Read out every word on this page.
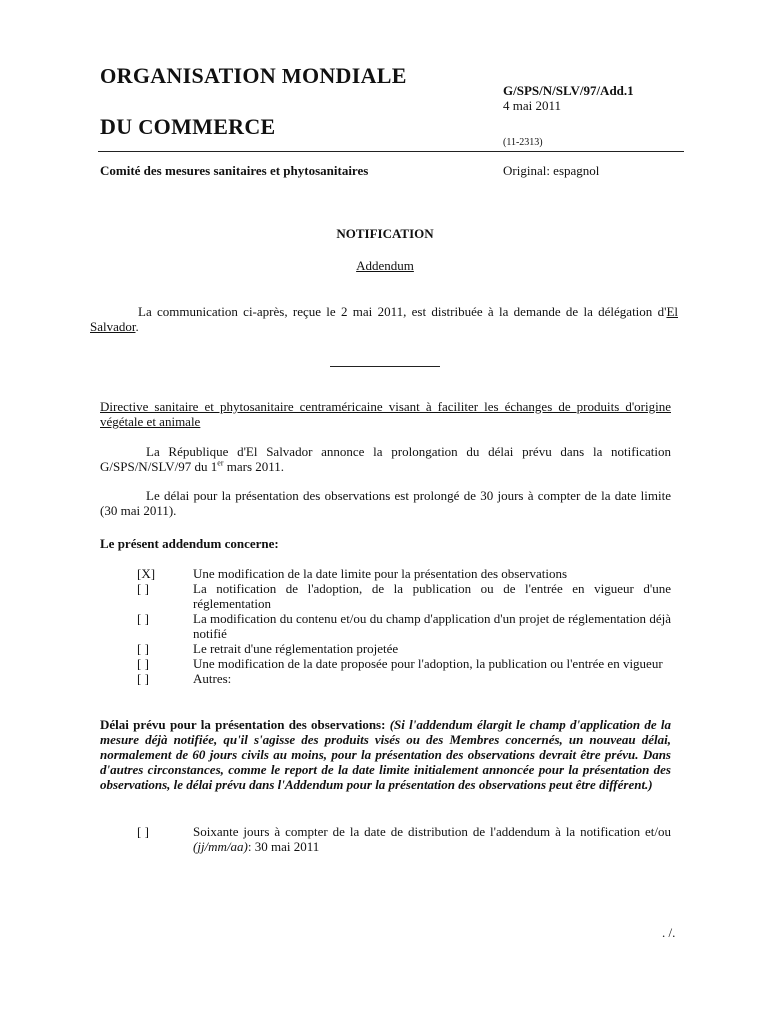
ORGANISATION MONDIALE
DU COMMERCE
G/SPS/N/SLV/97/Add.1
4 mai 2011
(11-2313)
Comité des mesures sanitaires et phytosanitaires	Original: espagnol
NOTIFICATION
Addendum
La communication ci-après, reçue le 2 mai 2011, est distribuée à la demande de la délégation d'El Salvador.
Directive sanitaire et phytosanitaire centraméricaine visant à faciliter les échanges de produits d'origine végétale et animale
La République d'El Salvador annonce la prolongation du délai prévu dans la notification G/SPS/N/SLV/97 du 1er mars 2011.
Le délai pour la présentation des observations est prolongé de 30 jours à compter de la date limite (30 mai 2011).
Le présent addendum concerne:
[X]	Une modification de la date limite pour la présentation des observations
[ ]	La notification de l'adoption, de la publication ou de l'entrée en vigueur d'une réglementation
[ ]	La modification du contenu et/ou du champ d'application d'un projet de réglementation déjà notifié
[ ]	Le retrait d'une réglementation projetée
[ ]	Une modification de la date proposée pour l'adoption, la publication ou l'entrée en vigueur
[ ]	Autres:
Délai prévu pour la présentation des observations: (Si l'addendum élargit le champ d'application de la mesure déjà notifiée, qu'il s'agisse des produits visés ou des Membres concernés, un nouveau délai, normalement de 60 jours civils au moins, pour la présentation des observations devrait être prévu. Dans d'autres circonstances, comme le report de la date limite initialement annoncée pour la présentation des observations, le délai prévu dans l'Addendum pour la présentation des observations peut être différent.)
[ ]	Soixante jours à compter de la date de distribution de l'addendum à la notification et/ou (jj/mm/aa): 30 mai 2011
. /.
